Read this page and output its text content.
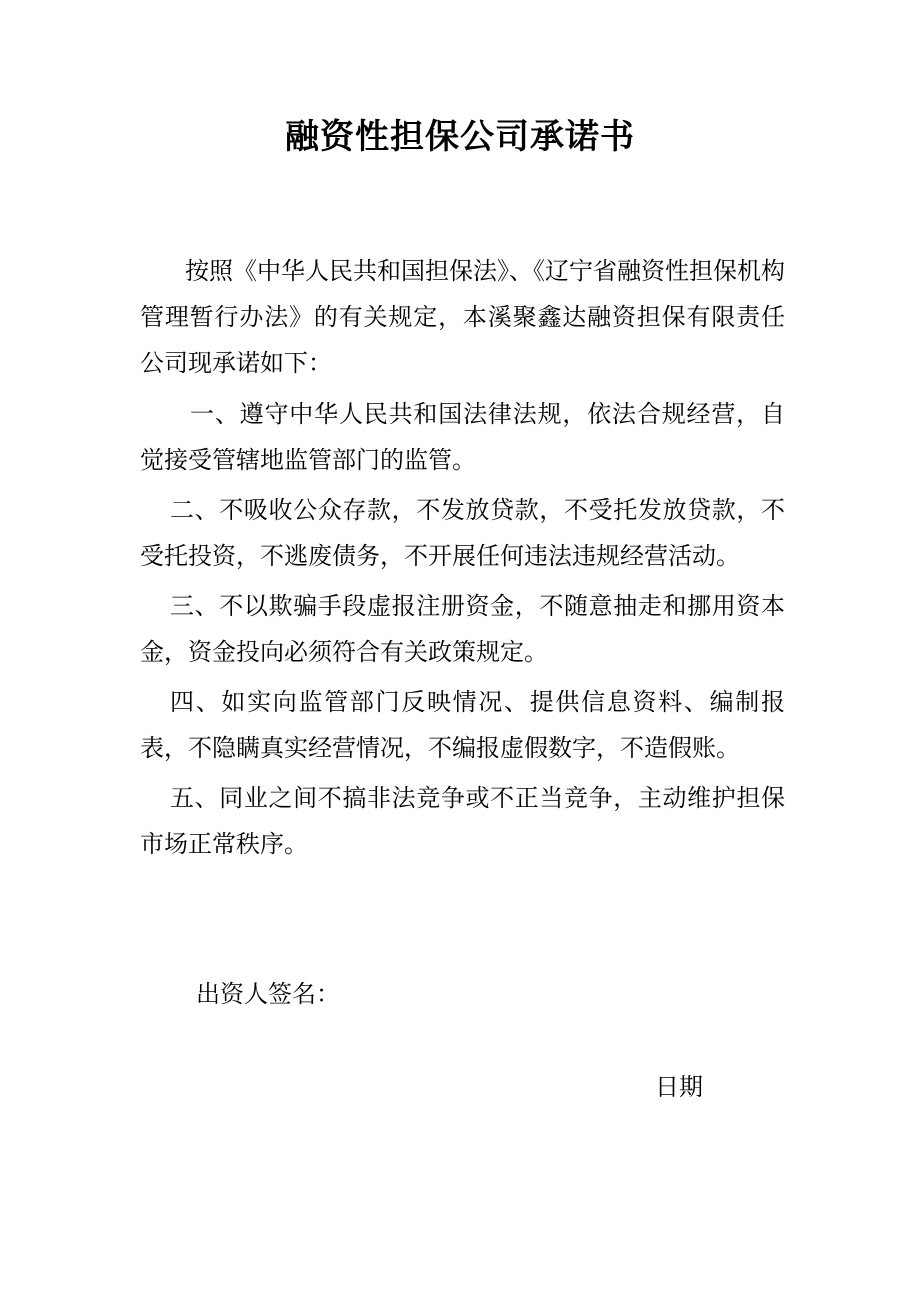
融资性担保公司承诺书

按照《中华人民共和国担保法》、《辽宁省融资性担保机构管理暂行办法》的有关规定，本溪聚鑫达融资担保有限责任公司现承诺如下：

一、遵守中华人民共和国法律法规，依法合规经营，自觉接受管辖地监管部门的监管。

二、不吸收公众存款，不发放贷款，不受托发放贷款，不受托投资，不逃废债务，不开展任何违法违规经营活动。

三、不以欺骗手段虚报注册资金，不随意抽走和挪用资本金，资金投向必须符合有关政策规定。

四、如实向监管部门反映情况、提供信息资料、编制报表，不隐瞒真实经营情况，不编报虚假数字，不造假账。

五、同业之间不搞非法竞争或不正当竞争，主动维护担保市场正常秩序。

出资人签名：
日期
